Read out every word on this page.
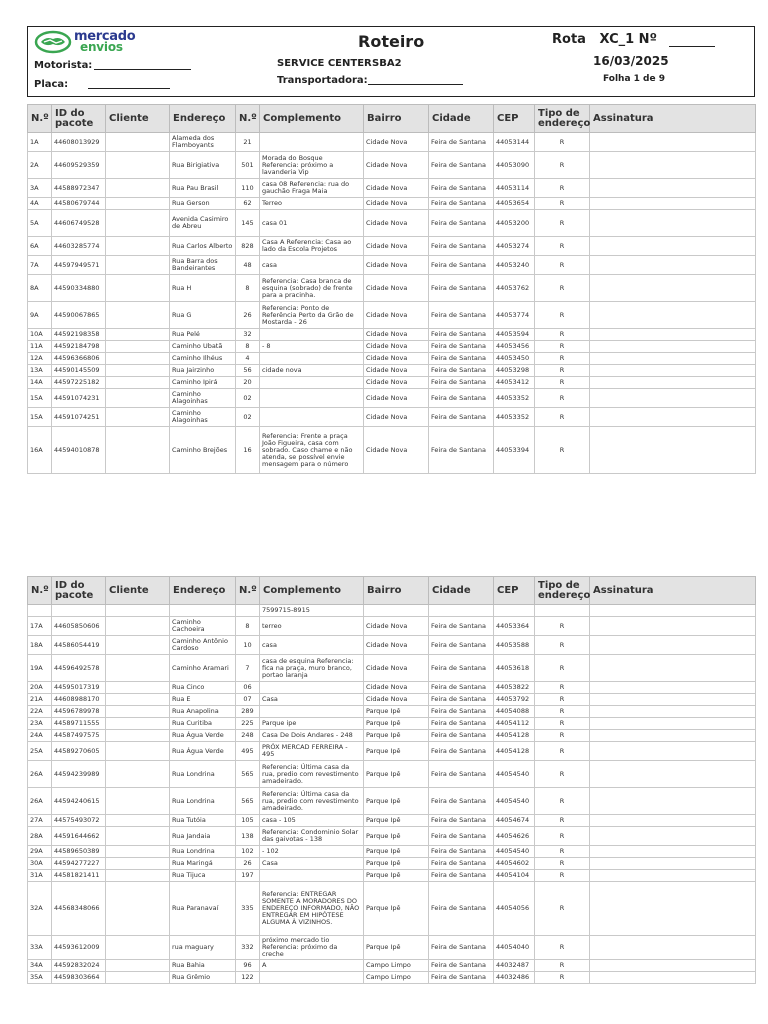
mercado
envios	Roteiro
Motorista:
Placa:
SERVICE CENTER SBA2
Transportadora:
Rota XC_1 Nº
16/03/2025
Folha 1 de 9
N.º	ID do pacote	Cliente	Endereço	N.º	Complemento	Bairro	Cidade	CEP	Tipo de endereço	Assinatura
1A	44608013929		Alameda dos Flamboyants	21		Cidade Nova	Feira de Santana	44053144	R	
2A	44609529359		Rua Birigiativa	501	Morada do Bosque Referencia: próximo a lavanderia Vip	Cidade Nova	Feira de Santana	44053090	R	
3A	44588972347		Rua Pau Brasil	110	casa 08 Referencia: rua do gauchão Fraga Maia	Cidade Nova	Feira de Santana	44053114	R	
4A	44580679744		Rua Gerson	62	Terreo	Cidade Nova	Feira de Santana	44053654	R	
5A	44606749528		Avenida Casimiro de Abreu	145	casa 01	Cidade Nova	Feira de Santana	44053200	R	
6A	44603285774		Rua Carlos Alberto	828	Casa A Referencia: Casa ao lado da Escola Projetos	Cidade Nova	Feira de Santana	44053274	R	
7A	44597949571		Rua Barra dos Bandeirantes	48	casa	Cidade Nova	Feira de Santana	44053240	R	
8A	44590334880		Rua H	8	Referencia: Casa branca de esquina (sobrado) de frente para a pracinha.	Cidade Nova	Feira de Santana	44053762	R	
9A	44590067865		Rua G	26	Referencia: Ponto de Referência Perto da Grão de Mostarda - 26	Cidade Nova	Feira de Santana	44053774	R	
10A	44592198358		Rua Pelé	32		Cidade Nova	Feira de Santana	44053594	R	
11A	44592184798		Caminho Ubatã	8	- 8	Cidade Nova	Feira de Santana	44053456	R	
12A	44596366806		Caminho Ilhéus	4		Cidade Nova	Feira de Santana	44053450	R	
13A	44590145509		Rua Jairzinho	56	cidade nova	Cidade Nova	Feira de Santana	44053298	R	
14A	44597225182		Caminho Ipirá	20		Cidade Nova	Feira de Santana	44053412	R	
15A	44591074231		Caminho Alagoinhas	02		Cidade Nova	Feira de Santana	44053352	R	
15A	44591074251		Caminho Alagoinhas	02		Cidade Nova	Feira de Santana	44053352	R	
16A	44594010878		Caminho Brejões	16	Referencia: Frente a praça João Figueira, casa com sobrado. Caso chame e não atenda, se possível envie mensagem para o número	Cidade Nova	Feira de Santana	44053394	R	
N.º	ID do pacote	Cliente	Endereço	N.º	Complemento	Bairro	Cidade	CEP	Tipo de endereço	Assinatura
					7599715-8915					
17A	44605850606		Caminho Cachoeira	8	terreo	Cidade Nova	Feira de Santana	44053364	R	
18A	44586054419		Caminho Antônio Cardoso	10	casa	Cidade Nova	Feira de Santana	44053588	R	
19A	44596492578		Caminho Aramari	7	casa de esquina Referencia: fica na praça, muro branco, portao laranja	Cidade Nova	Feira de Santana	44053618	R	
20A	44595017319		Rua Cinco	06		Cidade Nova	Feira de Santana	44053822	R	
21A	44608988170		Rua E	07	Casa	Cidade Nova	Feira de Santana	44053792	R	
22A	44596789978		Rua Anapolina	289		Parque Ipê	Feira de Santana	44054088	R	
23A	44589711555		Rua Curitiba	225	Parque ipe	Parque Ipê	Feira de Santana	44054112	R	
24A	44587497575		Rua Água Verde	248	Casa De Dois Andares - 248	Parque Ipê	Feira de Santana	44054128	R	
25A	44589270605		Rua Água Verde	495	PRÓX MERCAD FERREIRA - 495	Parque Ipê	Feira de Santana	44054128	R	
26A	44594239989		Rua Londrina	565	Referencia: Última casa da rua, predio com revestimento amadeirado.	Parque Ipê	Feira de Santana	44054540	R	
26A	44594240615		Rua Londrina	565	Referencia: Última casa da rua, predio com revestimento amadeirado.	Parque Ipê	Feira de Santana	44054540	R	
27A	44575493072		Rua Tutóia	105	casa - 105	Parque Ipê	Feira de Santana	44054674	R	
28A	44591644662		Rua Jandaia	138	Referencia: Condominio Solar das gaivotas - 138	Parque Ipê	Feira de Santana	44054626	R	
29A	44589650389		Rua Londrina	102	- 102	Parque Ipê	Feira de Santana	44054540	R	
30A	44594277227		Rua Maringá	26	Casa	Parque Ipê	Feira de Santana	44054602	R	
31A	44581821411		Rua Tijuca	197		Parque Ipê	Feira de Santana	44054104	R	
32A	44568348066		Rua Paranavaí	335	Referencia: ENTREGAR SOMENTE A MORADORES DO ENDEREÇO INFORMADO, NÃO ENTREGAR EM HIPÓTESE ALGUMA À VIZINHOS.	Parque Ipê	Feira de Santana	44054056	R	
33A	44593612009		rua maguary	332	próximo mercado tio Referencia: próximo da creche	Parque Ipê	Feira de Santana	44054040	R	
34A	44592832024		Rua Bahia	96	A	Campo Limpo	Feira de Santana	44032487	R	
35A	44598303664		Rua Grêmio	122		Campo Limpo	Feira de Santana	44032486	R	
